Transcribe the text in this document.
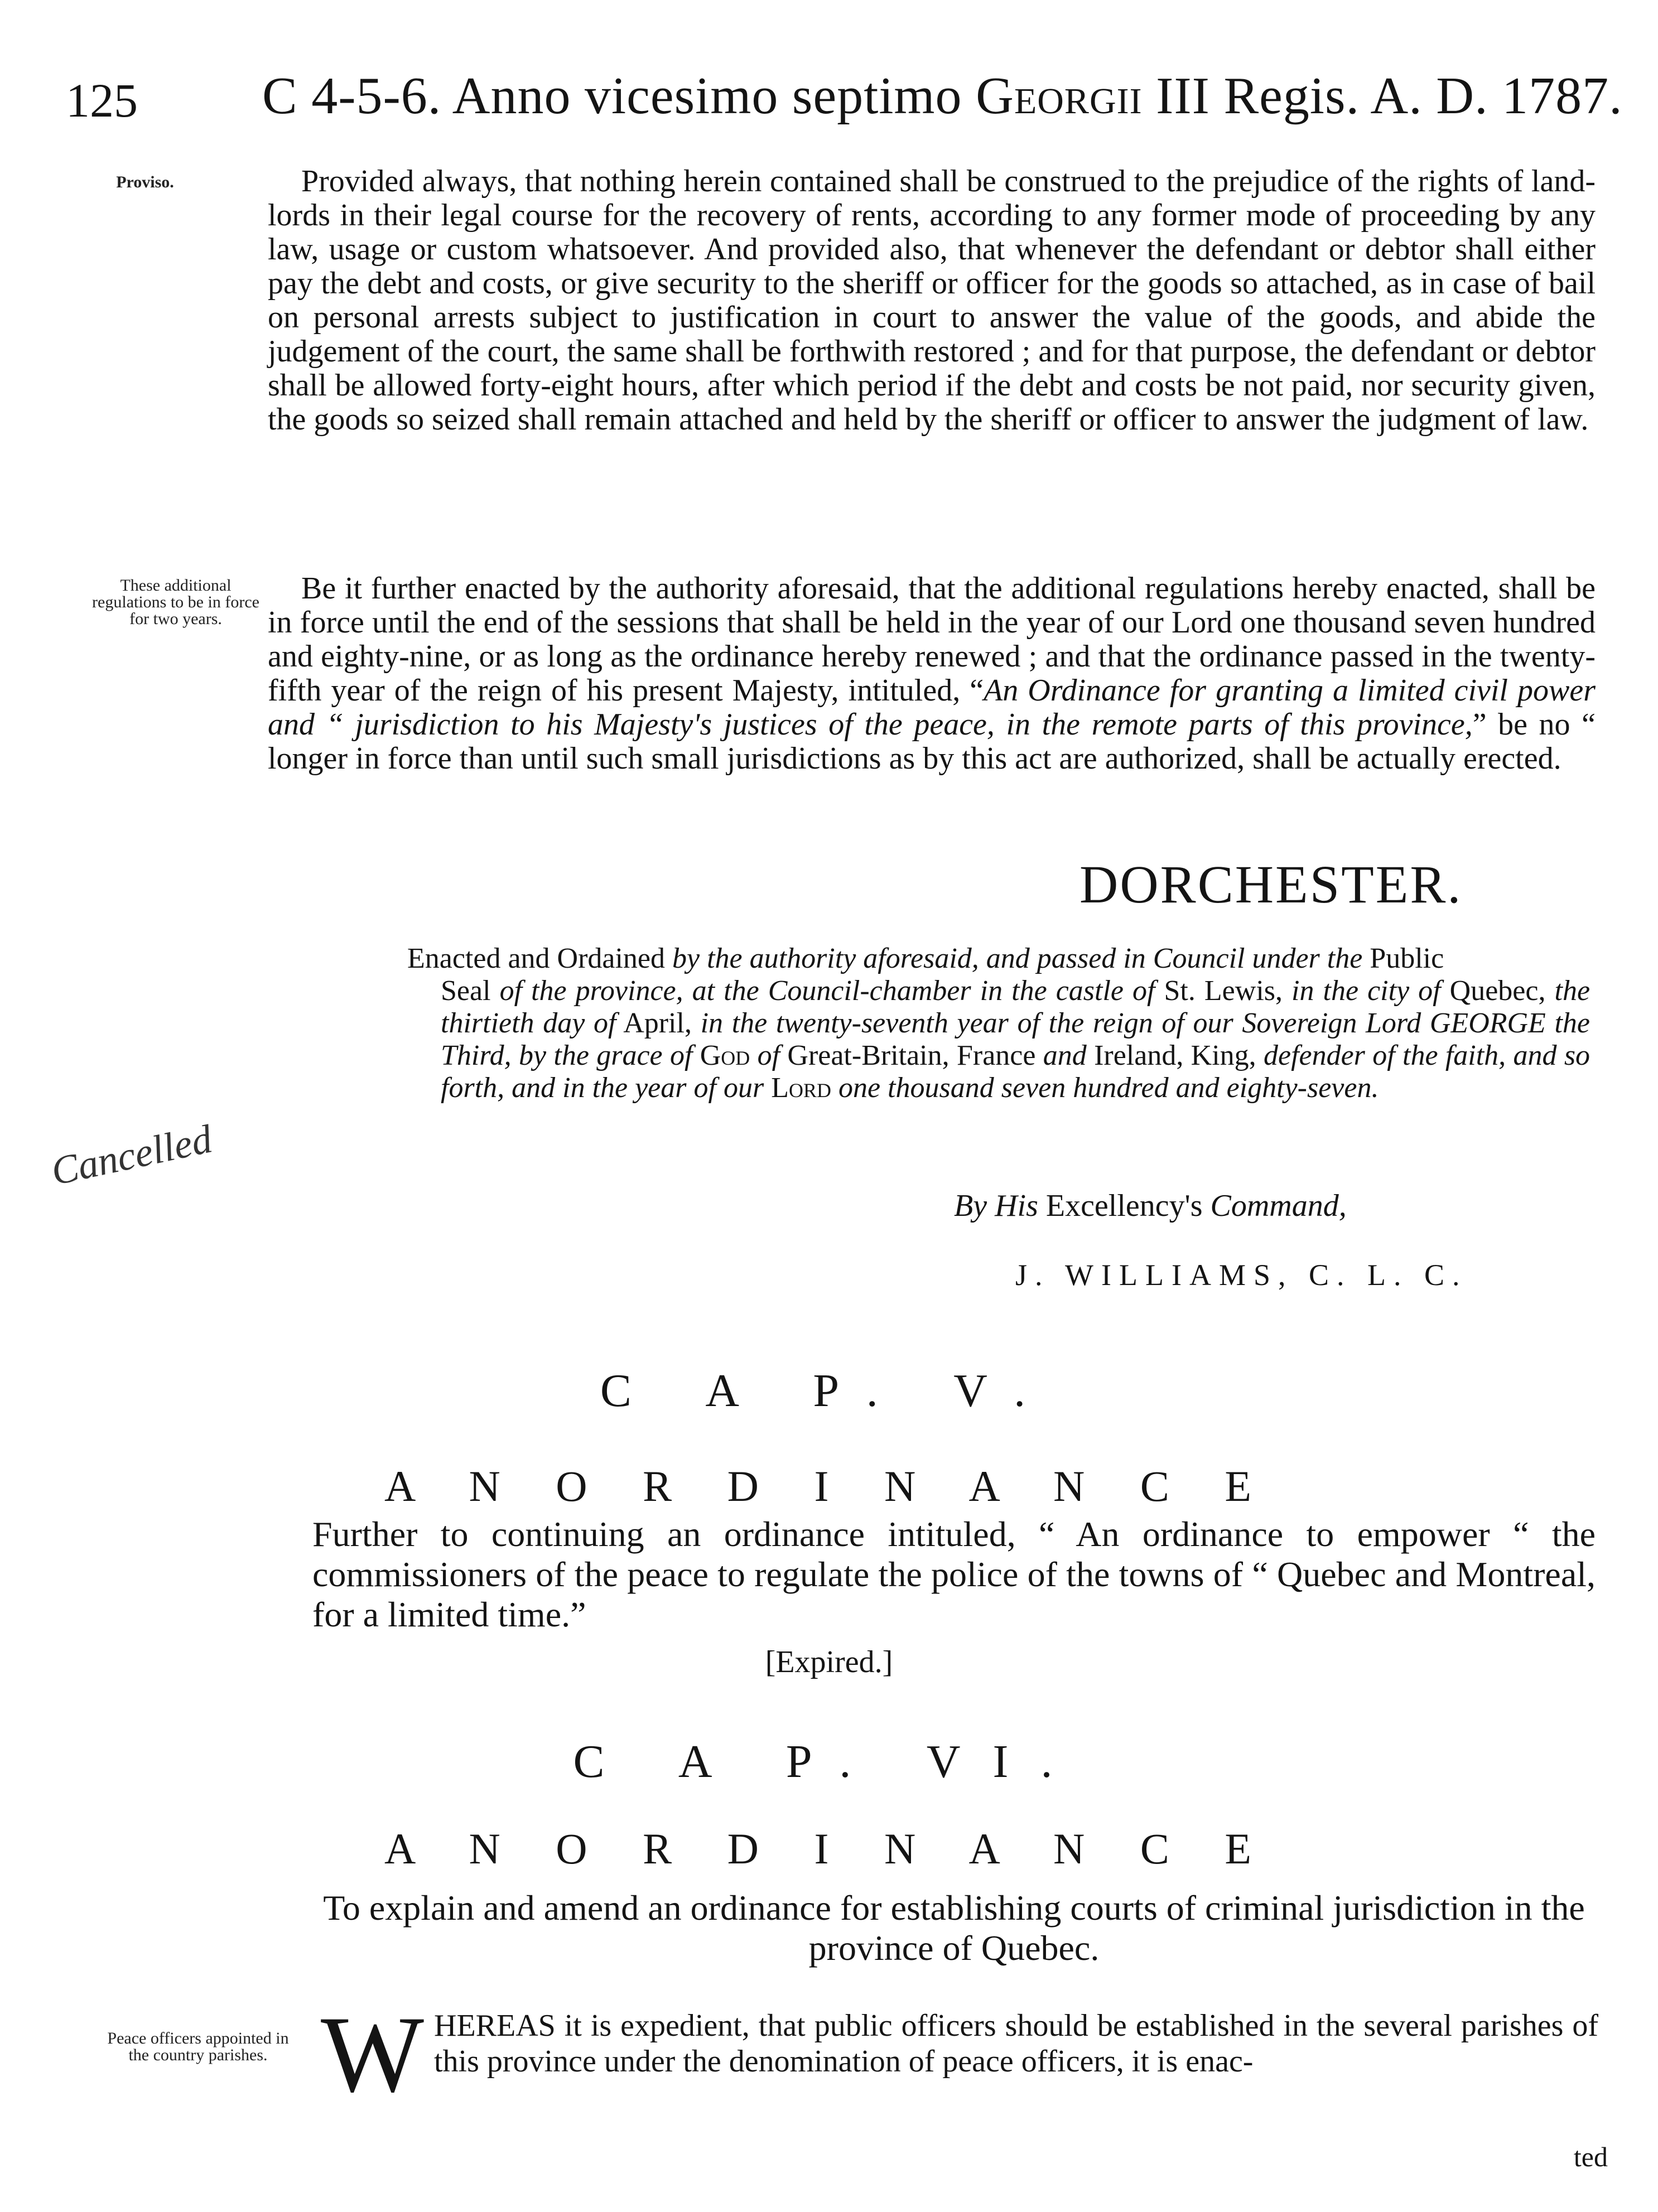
125 C 4-5-6. Anno vicesimo septimo Georgii III Regis. A. D. 1787.
Proviso.
These additional regulations to be in force for two years.
Peace officers appointed in the country parishes.

Provided always, that nothing herein contained shall be construed to the prejudice of the rights of land-lords in their legal course for the recovery of rents, according to any former mode of proceeding by any law, usage or custom whatsoever. And provided also, that whenever the defendant or debtor shall either pay the debt and costs, or give security to the sheriff or officer for the goods so attached, as in case of bail on personal arrests subject to justification in court to answer the value of the goods, and abide the judgement of the court, the same shall be forthwith restored ; and for that purpose, the defendant or debtor shall be allowed forty-eight hours, after which period if the debt and costs be not paid, nor security given, the goods so seized shall remain attached and held by the sheriff or officer to answer the judgment of law.

Be it further enacted by the authority aforesaid, that the additional regulations hereby enacted, shall be in force until the end of the sessions that shall be held in the year of our Lord one thousand seven hundred and eighty-nine, or as long as the ordinance hereby renewed ; and that the ordinance passed in the twenty-fifth year of the reign of his present Majesty, intituled, “An Ordinance for granting a limited civil power and “ jurisdiction to his Majesty's justices of the peace, in the remote parts of this province,” be no “ longer in force than until such small jurisdictions as by this act are authorized, shall be actually erected.

DORCHESTER.
Enacted and Ordained by the authority aforesaid, and passed in Council under the Public
Seal of the province, at the Council-chamber in the castle of St. Lewis, in the city of Quebec, the thirtieth day of April, in the twenty-seventh year of the reign of our Sovereign Lord GEORGE the Third, by the grace of God of Great-Britain, France and Ireland, King, defender of the faith, and so forth, and in the year of our Lord one thousand seven hundred and eighty-seven.
By His Excellency's Command,
J. WILLIAMS, C. L. C.
Cancelled
C A P. V.
A N O R D I N A N C E

Further to continuing an ordinance intituled, “ An ordinance to empower “ the commissioners of the peace to regulate the police of the towns of “ Quebec and Montreal, for a limited time.”

[Expired.]
C A P. VI.
A N O R D I N A N C E

To explain and amend an ordinance for establishing courts of criminal jurisdiction in the province of Quebec.

W HEREAS it is expedient, that public officers should be established in the several parishes of this province under the denomination of peace officers, it is enac-

ted
